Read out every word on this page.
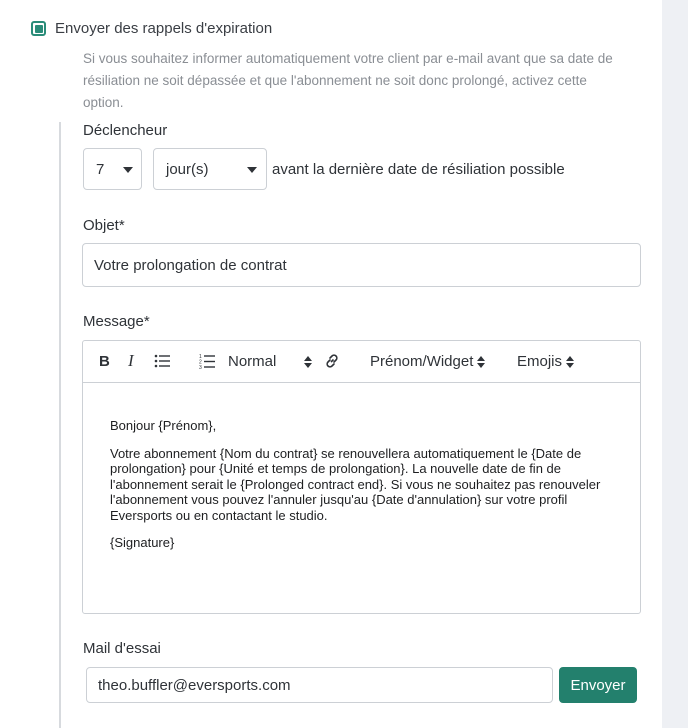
Envoyer des rappels d'expiration
Si vous souhaitez informer automatiquement votre client par e-mail avant que sa date de résiliation ne soit dépassée et que l'abonnement ne soit donc prolongé, activez cette option.
Déclencheur
7	jour(s)	avant la dernière date de résiliation possible
Objet*
Votre prolongation de contrat
Message*
B I	1
2
3 Normal	Prénom/Widget	Emojis

Bonjour {Prénom},

Votre abonnement {Nom du contrat} se renouvellera automatiquement le {Date de prolongation} pour {Unité et temps de prolongation}. La nouvelle date de fin de l'abonnement serait le {Prolonged contract end}. Si vous ne souhaitez pas renouveler l'abonnement vous pouvez l'annuler jusqu'au {Date d'annulation} sur votre profil Eversports ou en contactant le studio.

{Signature}

Mail d'essai
theo.buffler@eversports.com
Envoyer
